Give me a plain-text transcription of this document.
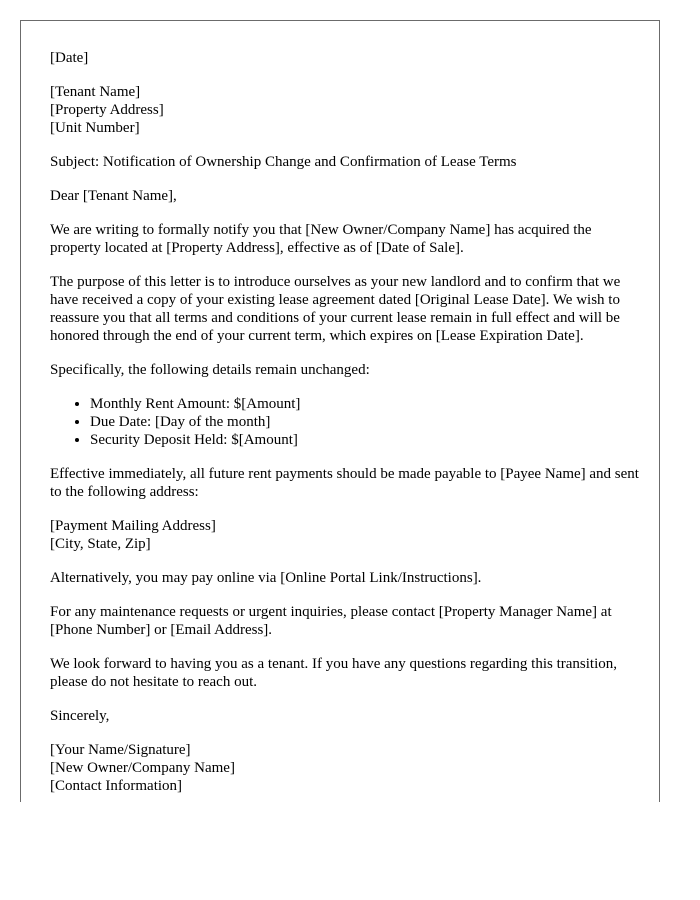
[Date]

[Tenant Name]
[Property Address]
[Unit Number]

Subject: Notification of Ownership Change and Confirmation of Lease Terms

Dear [Tenant Name],

We are writing to formally notify you that [New Owner/Company Name] has acquired the property located at [Property Address], effective as of [Date of Sale].

The purpose of this letter is to introduce ourselves as your new landlord and to confirm that we have received a copy of your existing lease agreement dated [Original Lease Date]. We wish to reassure you that all terms and conditions of your current lease remain in full effect and will be honored through the end of your current term, which expires on [Lease Expiration Date].

Specifically, the following details remain unchanged:

• Monthly Rent Amount: $[Amount]
• Due Date: [Day of the month]
• Security Deposit Held: $[Amount]

Effective immediately, all future rent payments should be made payable to [Payee Name] and sent to the following address:

[Payment Mailing Address]
[City, State, Zip]

Alternatively, you may pay online via [Online Portal Link/Instructions].

For any maintenance requests or urgent inquiries, please contact [Property Manager Name] at [Phone Number] or [Email Address].

We look forward to having you as a tenant. If you have any questions regarding this transition, please do not hesitate to reach out.

Sincerely,

[Your Name/Signature]
[New Owner/Company Name]
[Contact Information]
